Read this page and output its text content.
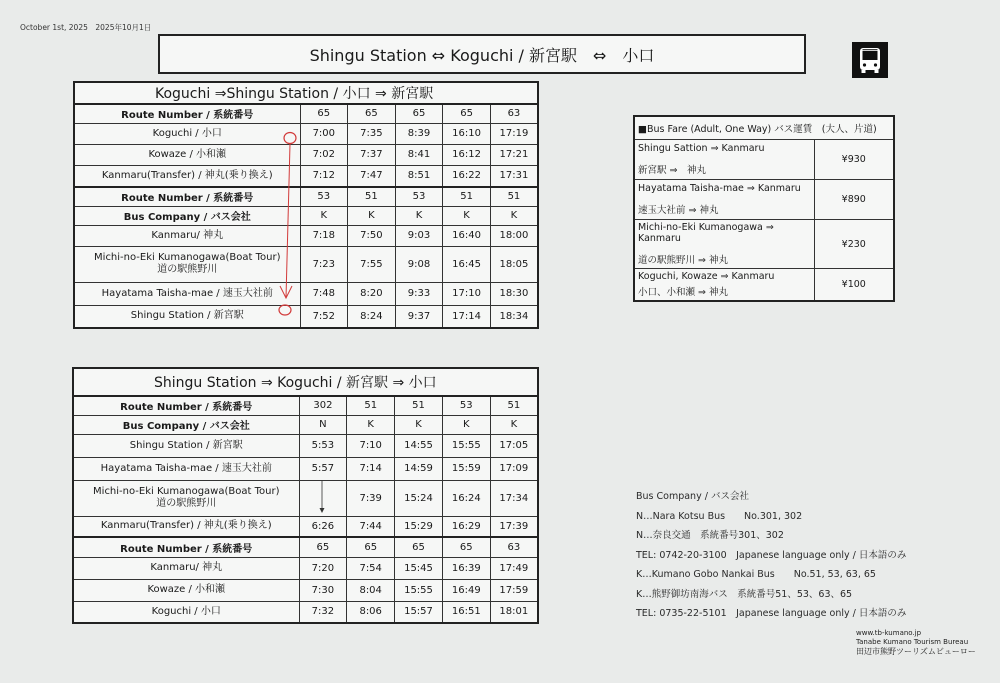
October 1st, 2025　2025年10月1日
Shingu Station ⇔ Koguchi / 新宮駅　⇔　小口
Koguchi ⇒Shingu Station / 小口 ⇒ 新宮駅					
Route Number / 系統番号	65	65	65	65	63
Koguchi / 小口	7:00	7:35	8:39	16:10	17:19
Kowaze / 小和瀬	7:02	7:37	8:41	16:12	17:21
Kanmaru(Transfer) / 神丸(乗り換え)	7:12	7:47	8:51	16:22	17:31
Route Number / 系統番号	53	51	53	51	51
Bus Company / バス会社	K	K	K	K	K
Kanmaru/ 神丸	7:18	7:50	9:03	16:40	18:00

Michi-no-Eki Kumanogawa(Boat Tour)
道の駅熊野川	7:23	7:55	9:08	16:45	18:05
Hayatama Taisha-mae / 速玉大社前	7:48	8:20	9:33	17:10	18:30
Shingu Station / 新宮駅	7:52	8:24	9:37	17:14	18:34
Shingu Station ⇒ Koguchi / 新宮駅 ⇒ 小口					
Route Number / 系統番号	302	51	51	53	51
Bus Company / バス会社	N	K	K	K	K
Shingu Station / 新宮駅	5:53	7:10	14:55	15:55	17:05
Hayatama Taisha-mae / 速玉大社前	5:57	7:14	14:59	15:59	17:09

Michi-no-Eki Kumanogawa(Boat Tour)
道の駅熊野川		7:39	15:24	16:24	17:34
Kanmaru(Transfer) / 神丸(乗り換え)	6:26	7:44	15:29	16:29	17:39
Route Number / 系統番号	65	65	65	65	63
Kanmaru/ 神丸	7:20	7:54	15:45	16:39	17:49
Kowaze / 小和瀬	7:30	8:04	15:55	16:49	17:59
Koguchi / 小口	7:32	8:06	15:57	16:51	18:01
■Bus Fare (Adult, One Way) バス運賃　(大人、片道)	
Shingu Sattion ⇒ Kanmaru
新宮駅 ⇒　神丸	¥930
Hayatama Taisha-mae ⇒ Kanmaru
速玉大社前 ⇒ 神丸	¥890
Michi-no-Eki Kumanogawa ⇒ Kanmaru
道の駅熊野川 ⇒ 神丸	¥230
Koguchi, Kowaze ⇒ Kanmaru
小口、小和瀬 ⇒ 神丸	¥100
Bus Company / バス会社
N…Nara Kotsu Bus　　No.301, 302
N…奈良交通　系統番号301、302
TEL: 0742-20-3100　Japanese language only / 日本語のみ
K…Kumano Gobo Nankai Bus　　No.51, 53, 63, 65
K…熊野御坊南海バス　系統番号51、53、63、65
TEL: 0735-22-5101　Japanese language only / 日本語のみ
www.tb-kumano.jp
Tanabe Kumano Tourism Bureau
田辺市熊野ツーリズムビューロー
